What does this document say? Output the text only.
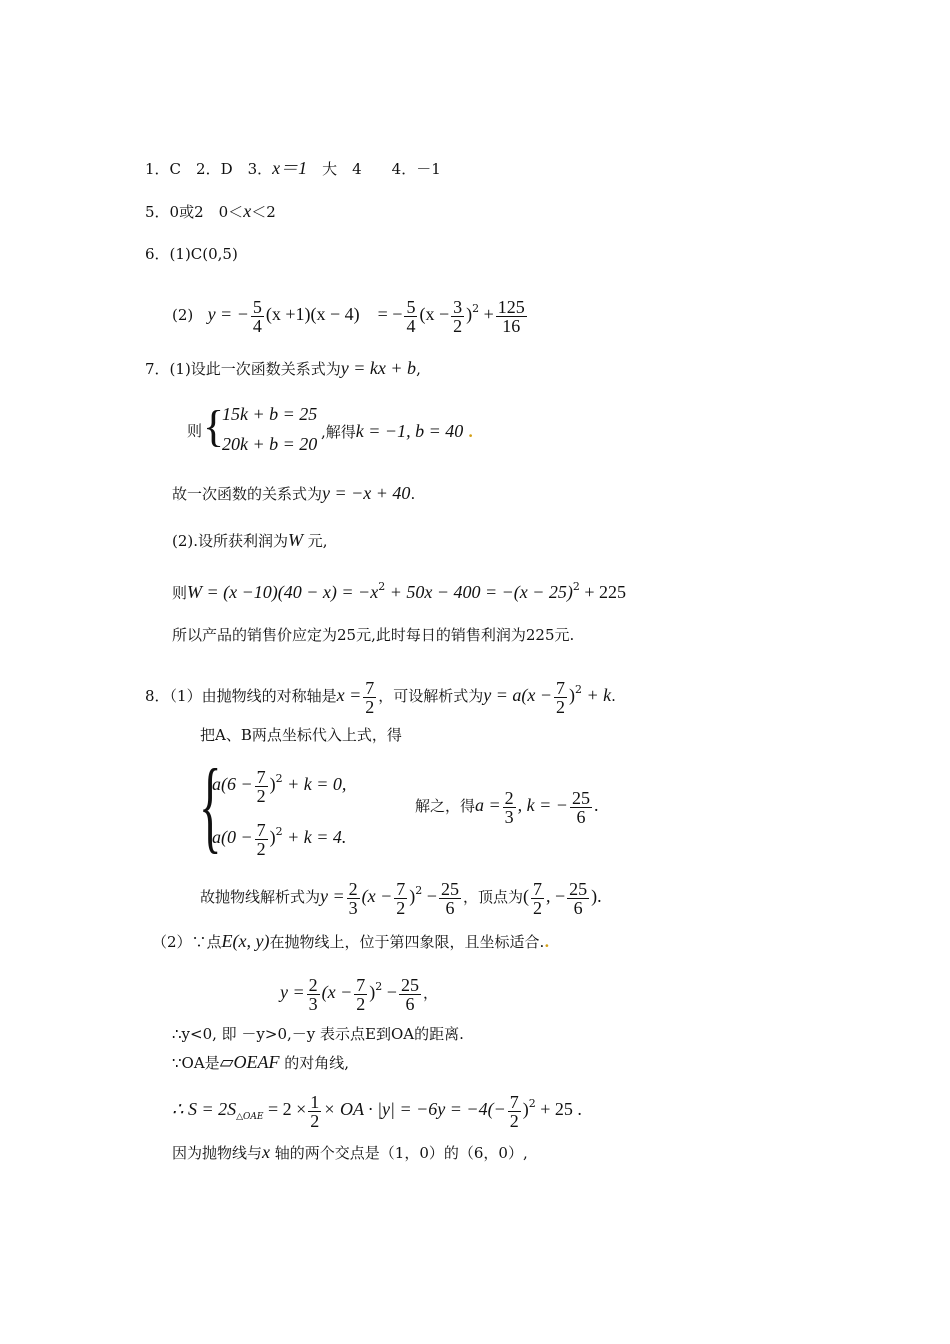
1．C　2．D　3．x＝1　大　4　　4．－1
5．0或2　0＜x＜2
6．(1)C(0,5)
(2) y = − $\frac{5}{4} (x +1)(x - 4)$　= − $\frac{5}{4} (x - \frac{3}{2} )^2 + \frac{125}{16}$
7．(1)设此一次函数关系式为y = kx + b,
则 {
15k + b = 25
20k + b = 20
,解得k = −1, b = 40 .
故一次函数的关系式为y = −x + 40.
(2).设所获利润为W 元,
则$W = (x -10)(40 - x) = -x^2 + 50x - 400 = -(x - 25)^2 + 225$
所以产品的销售价应定为25元,此时每日的销售利润为225元.
8．（1）由抛物线的对称轴是$x = \frac{7}{2}$ ，可设解析式为$y = a(x - \frac{7}{2} )^2 + k$.
把A、B两点坐标代入上式，得
{
$a(6 - \frac{7}{2} )^2 + k = 0$,
$a(0 - \frac{7}{2} )^2 + k = 4$.
解之，得$a = \frac{2}{3}$ , k = − $\frac{25}{6}$ .
故抛物线解析式为$y = \frac{2}{3} (x - \frac{7}{2} )^2 - \frac{25}{6}$ ，顶点为( $\frac{7}{2}$ , − $\frac{25}{6}$ ).
（2）∵点E(x, y)在抛物线上，位于第四象限，且坐标适合..
$y = \frac{2}{3} (x - \frac{7}{2} )^2 - \frac{25}{6}$ ，
∴y<0, 即 －y>0,－y 表示点E到OA的距离.
∵OA是▱OEAF 的对角线,
∴ $S = 2S_{\triangle OAE} = 2 \times \frac{1}{2}$ × OA · $|y| = -6y = -4(- \frac{7}{2} )^2 + 25$ .
因为抛物线与x 轴的两个交点是（1，0）的（6，0）,
